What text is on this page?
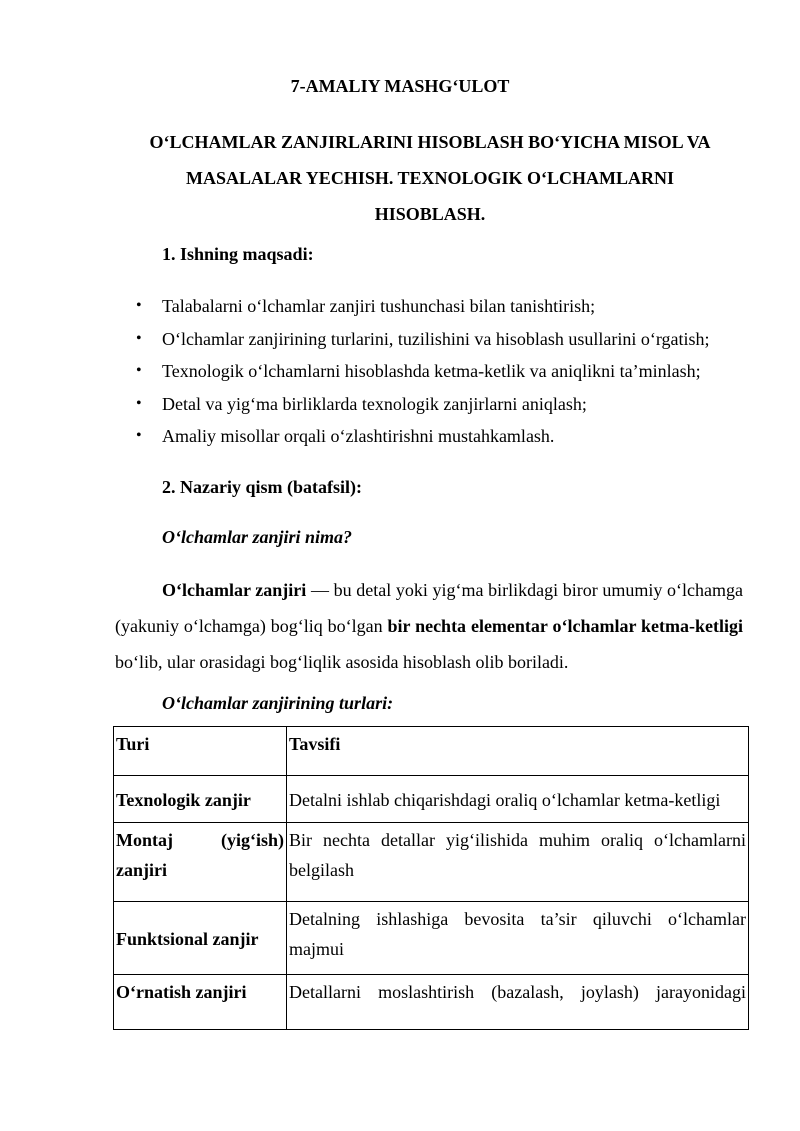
7-AMALIY MASHG‘ULOT
O‘LCHAMLAR ZANJIRLARINI HISOBLASH BO‘YICHA MISOL VA
MASALALAR YECHISH. TEXNOLOGIK O‘LCHAMLARNI
HISOBLASH.
1. Ishning maqsadi:
• Talabalarni o‘lchamlar zanjiri tushunchasi bilan tanishtirish;
• O‘lchamlar zanjirining turlarini, tuzilishini va hisoblash usullarini o‘rgatish;
• Texnologik o‘lchamlarni hisoblashda ketma-ketlik va aniqlikni ta’minlash;
• Detal va yig‘ma birliklarda texnologik zanjirlarni aniqlash;
• Amaliy misollar orqali o‘zlashtirishni mustahkamlash.
2. Nazariy qism (batafsil):
O‘lchamlar zanjiri nima?

O‘lchamlar zanjiri — bu detal yoki yig‘ma birlikdagi biror umumiy o‘lchamga (yakuniy o‘lchamga) bog‘liq bo‘lgan bir nechta elementar o‘lchamlar ketma-ketligi bo‘lib, ular orasidagi bog‘liqlik asosida hisoblash olib boriladi.

O‘lchamlar zanjirining turlari:
Turi	Tavsifi
Texnologik zanjir	Detalni ishlab chiqarishdagi oraliq o‘lchamlar ketma-ketligi
Montaj (yig‘ish) zanjiri	Bir nechta detallar yig‘ilishida muhim oraliq o‘lchamlarni belgilash
Funktsional zanjir	Detalning ishlashiga bevosita ta’sir qiluvchi o‘lchamlar majmui
O‘rnatish zanjiri	Detallarni moslashtirish (bazalash, joylash) jarayonidagi
